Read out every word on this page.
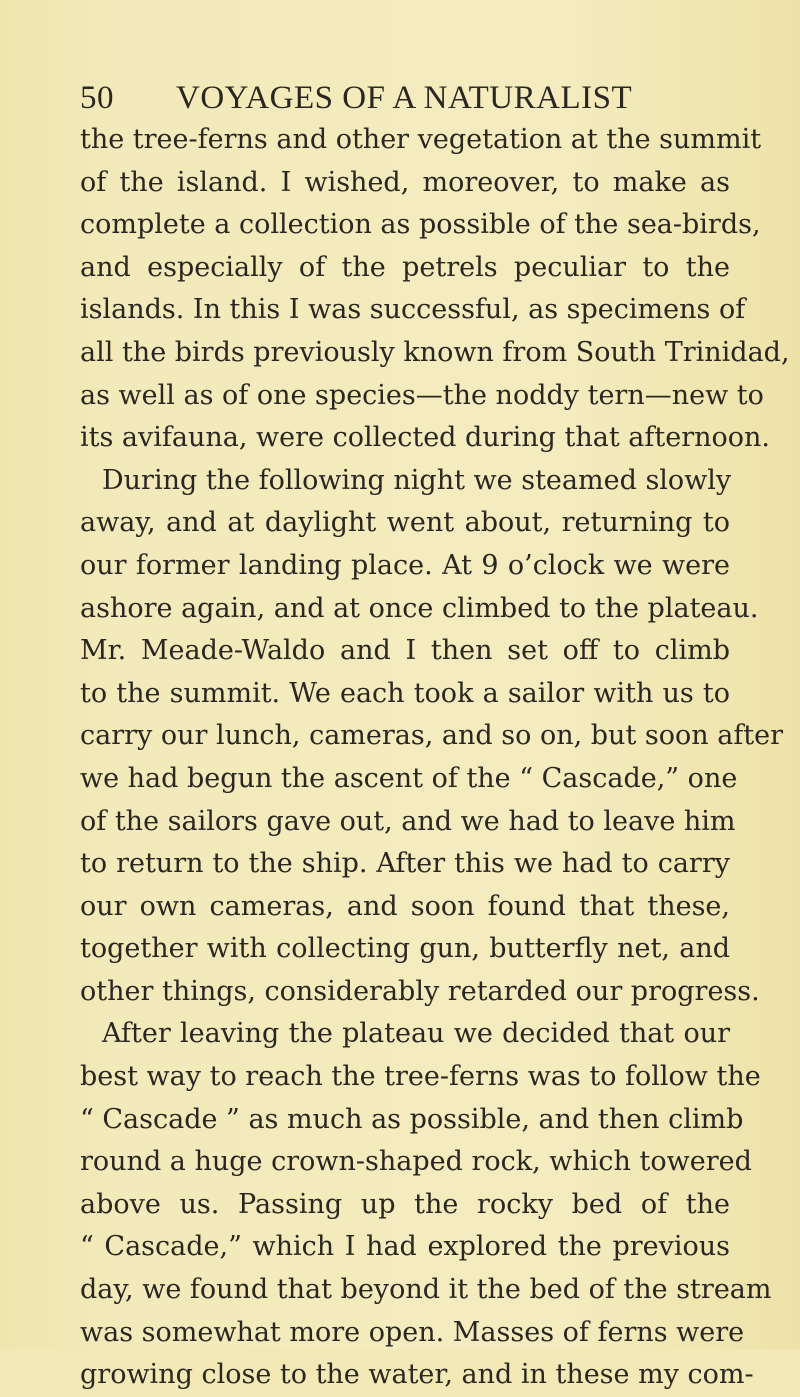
50 VOYAGES OF A NATURALIST
the tree-ferns and other vegetation at the summit
of the island. I wished, moreover, to make as
complete a collection as possible of the sea-birds,
and especially of the petrels peculiar to the
islands. In this I was successful, as specimens of
all the birds previously known from South Trinidad,
as well as of one species—the noddy tern—new to
its avifauna, were collected during that afternoon.
During the following night we steamed slowly
away, and at daylight went about, returning to
our former landing place. At 9 o’clock we were
ashore again, and at once climbed to the plateau.
Mr. Meade-Waldo and I then set off to climb
to the summit. We each took a sailor with us to
carry our lunch, cameras, and so on, but soon after
we had begun the ascent of the “ Cascade,” one
of the sailors gave out, and we had to leave him
to return to the ship. After this we had to carry
our own cameras, and soon found that these,
together with collecting gun, butterfly net, and
other things, considerably retarded our progress.
After leaving the plateau we decided that our
best way to reach the tree-ferns was to follow the
“ Cascade ” as much as possible, and then climb
round a huge crown-shaped rock, which towered
above us. Passing up the rocky bed of the
“ Cascade,” which I had explored the previous
day, we found that beyond it the bed of the stream
was somewhat more open. Masses of ferns were
growing close to the water, and in these my com-
